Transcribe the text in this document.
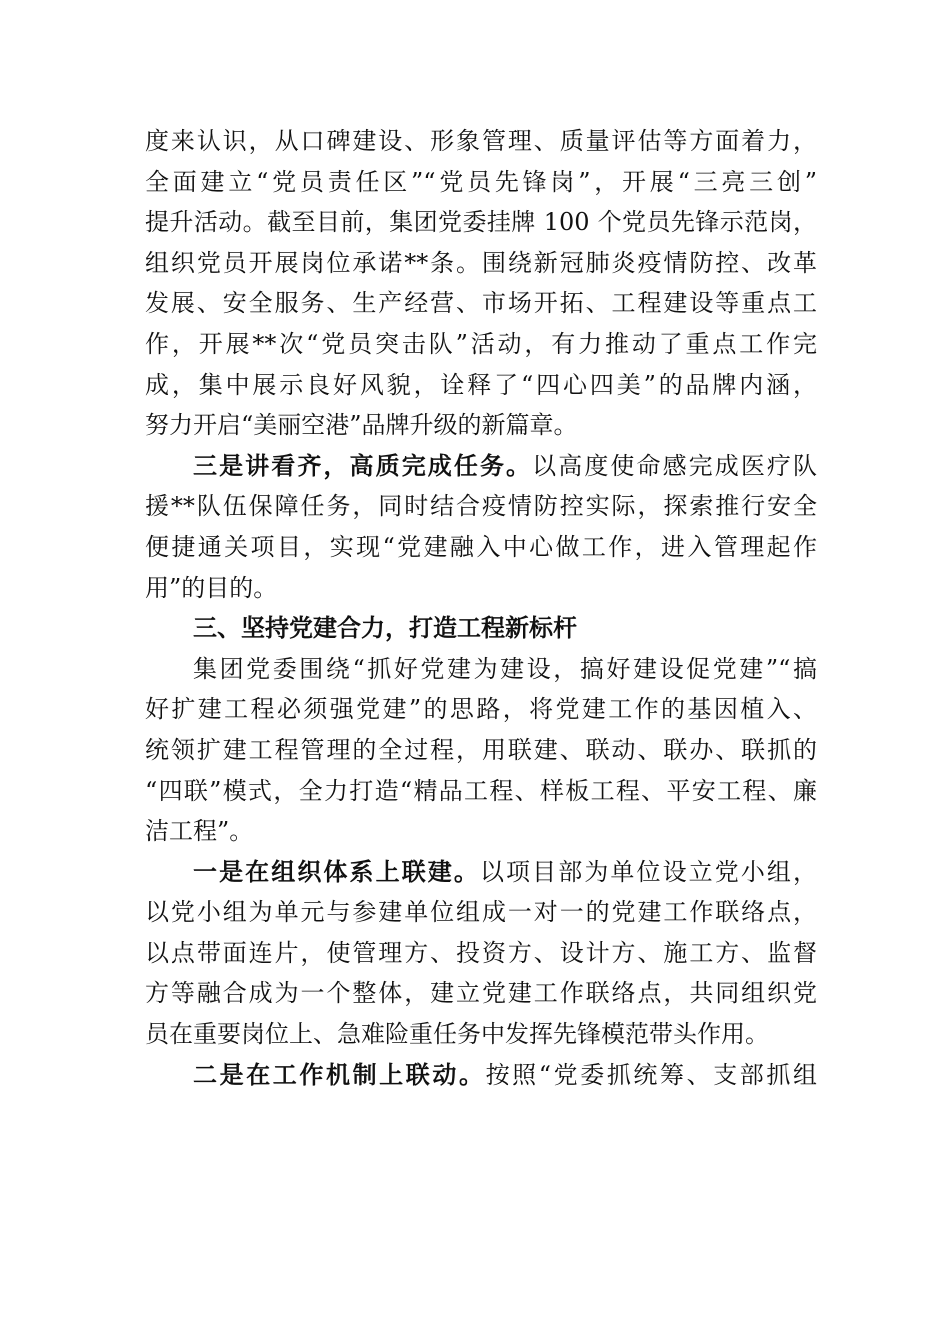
度来认识，从口碑建设、形象管理、质量评估等方面着力，
全面建立“党员责任区”“党员先锋岗”，开展“三亮三创”
提升活动。截至目前，集团党委挂牌 100 个党员先锋示范岗，
组织党员开展岗位承诺**条。围绕新冠肺炎疫情防控、改革
发展、安全服务、生产经营、市场开拓、工程建设等重点工
作，开展**次“党员突击队”活动，有力推动了重点工作完
成，集中展示良好风貌，诠释了“四心四美”的品牌内涵，
努力开启“美丽空港”品牌升级的新篇章。
三是讲看齐，高质完成任务。以高度使命感完成医疗队
援**队伍保障任务，同时结合疫情防控实际，探索推行安全
便捷通关项目，实现“党建融入中心做工作，进入管理起作
用”的目的。
三、坚持党建合力，打造工程新标杆
集团党委围绕“抓好党建为建设，搞好建设促党建”“搞
好扩建工程必须强党建”的思路，将党建工作的基因植入、
统领扩建工程管理的全过程，用联建、联动、联办、联抓的
“四联”模式，全力打造“精品工程、样板工程、平安工程、廉
洁工程”。
一是在组织体系上联建。以项目部为单位设立党小组，
以党小组为单元与参建单位组成一对一的党建工作联络点，
以点带面连片，使管理方、投资方、设计方、施工方、监督
方等融合成为一个整体，建立党建工作联络点，共同组织党
员在重要岗位上、急难险重任务中发挥先锋模范带头作用。
二是在工作机制上联动。按照“党委抓统筹、支部抓组
